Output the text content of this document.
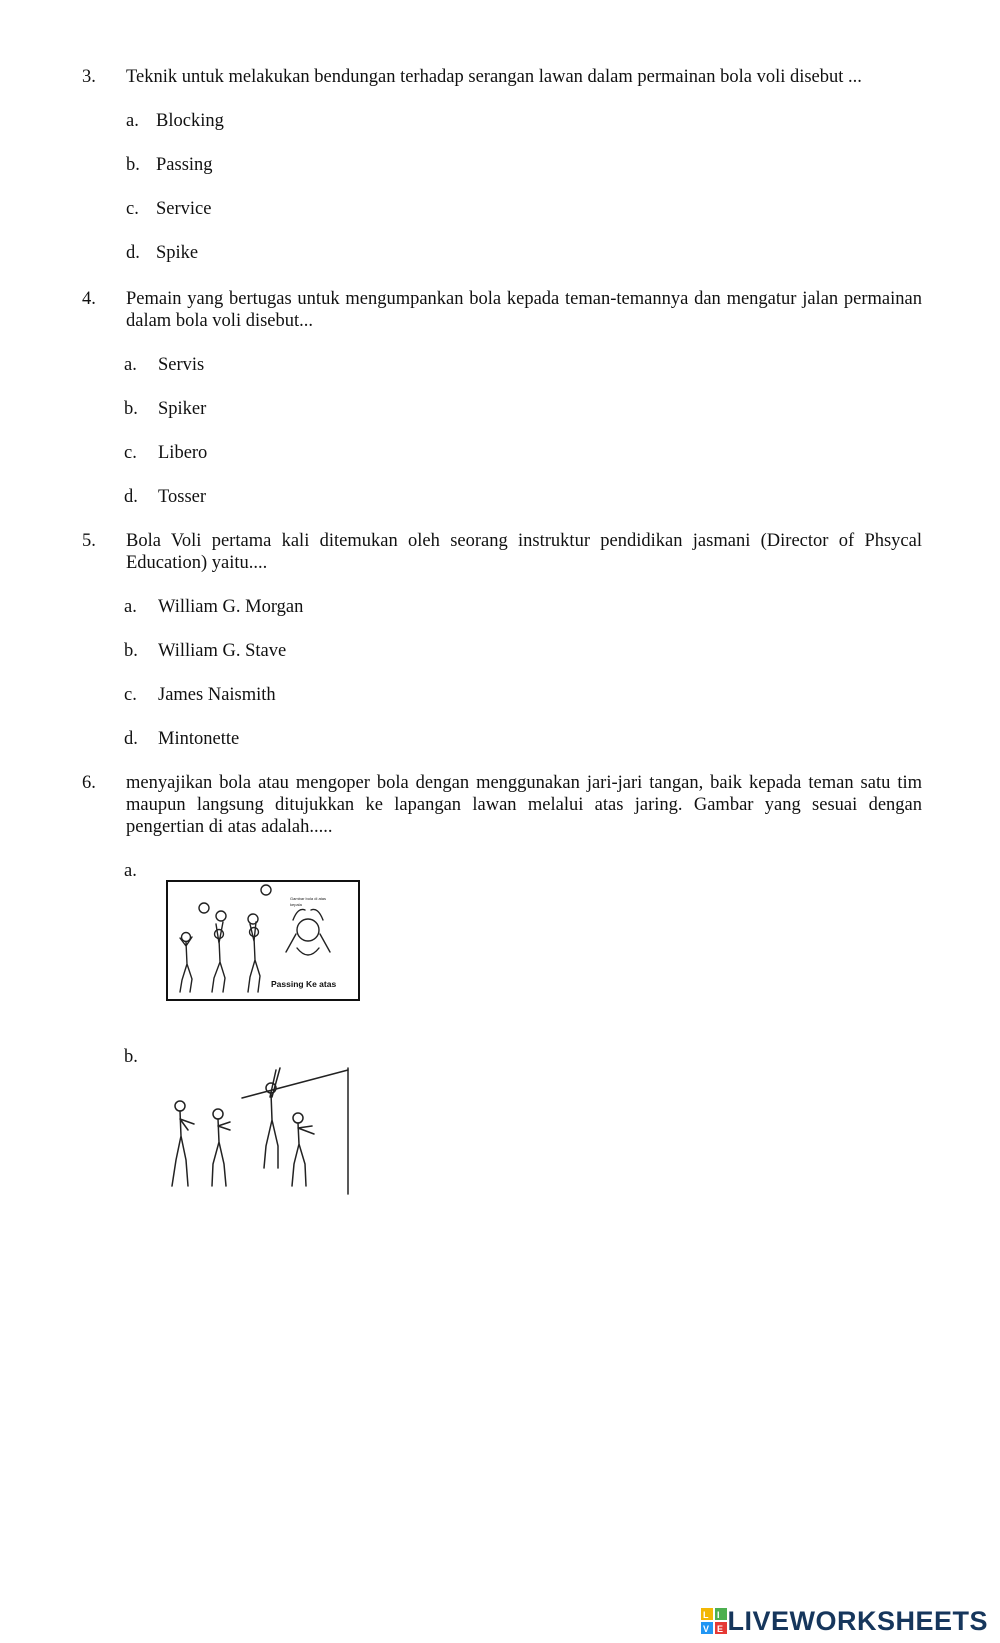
3. Teknik untuk melakukan bendungan terhadap serangan lawan dalam permainan bola voli disebut ...
a. Blocking
b. Passing
c. Service
d. Spike
4. Pemain yang bertugas untuk mengumpankan bola kepada teman-temannya dan mengatur jalan permainan dalam bola voli disebut...
a. Servis
b. Spiker
c. Libero
d. Tosser
5. Bola Voli pertama kali ditemukan oleh seorang instruktur pendidikan jasmani (Director of Phsycal Education) yaitu....
a. William G. Morgan
b. William G. Stave
c. James Naismith
d. Mintonette
6. menyajikan bola atau mengoper bola dengan menggunakan jari-jari tangan, baik kepada teman satu tim maupun langsung ditujukkan ke lapangan lawan melalui atas jaring. Gambar yang sesuai dengan pengertian di atas adalah.....
a.
Gambar bola di atas
kepala
Passing Ke atas
b.
L I
V E LIVEWORKSHEETS
